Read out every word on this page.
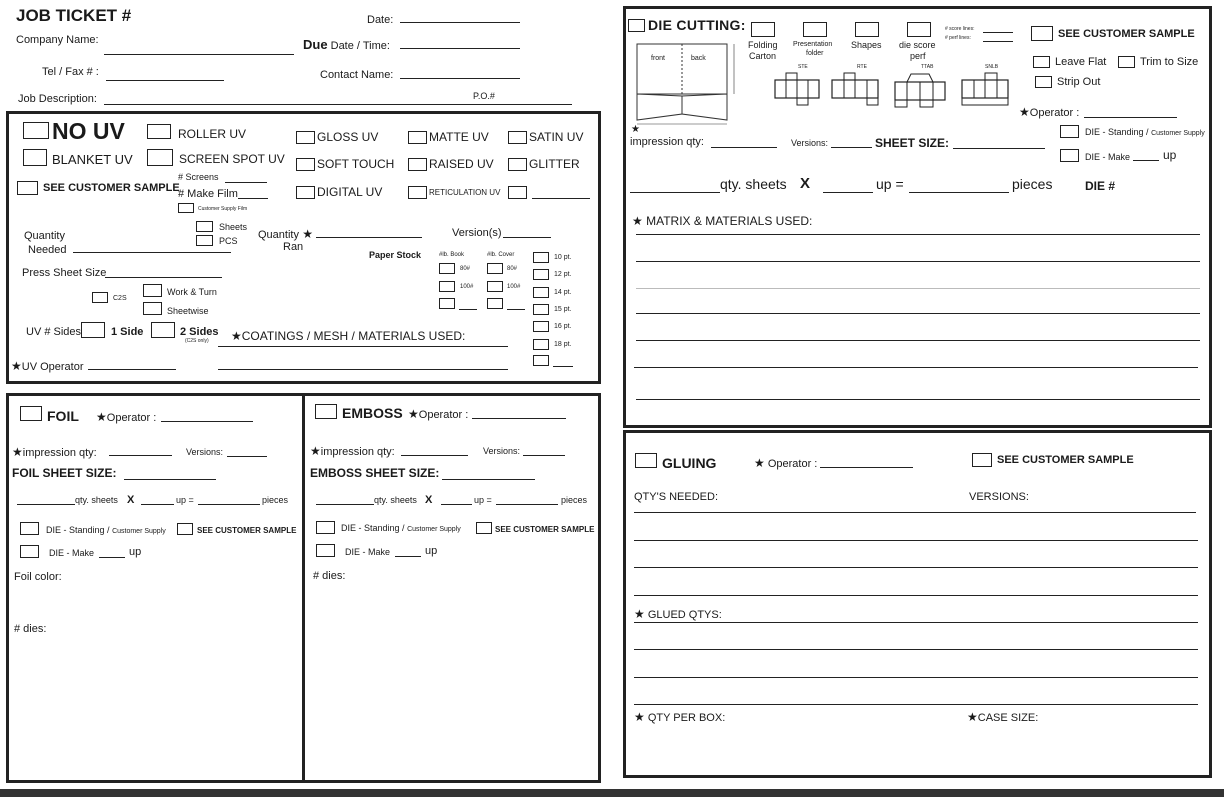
JOB TICKET #	Date:
Company Name:	Due Date / Time:
Tel / Fax # :	Contact Name:
Job Description:	P.O.#
NO UV	ROLLER UV
BLANKET UV	SCREEN SPOT UV
SEE CUSTOMER SAMPLE
# Screens
# Make Film
Customer Supply Film
GLOSS UV	MATTE UV	SATIN UV
SOFT TOUCH	RAISED UV	GLITTER
DIGITAL UV	RETICULATION UV
Quantity
Needed
Sheets
PCS Quantity ★
Ran
Version(s)
Paper Stock	#lb. Book	#lb. Cover
80#	80#
100#	100#
10 pt.
12 pt.
14 pt.
15 pt.
16 pt.
18 pt.
Press Sheet Size
C2S
Work & Turn
Sheetwise
UV # Sides	1 Side	2 Sides
(C2S only) ★COATINGS / MESH / MATERIALS USED:
★UV Operator
FOIL ★Operator :
★impression qty:	Versions:
FOIL SHEET SIZE:
qty. sheets X	up =	pieces
DIE - Standing / Customer Supply	SEE CUSTOMER SAMPLE
DIE - Make	up
Foil color:
# dies:
EMBOSS ★Operator :
★impression qty:	Versions:
EMBOSS SHEET SIZE:
qty. sheets X	up =	pieces
DIE - Standing / Customer Supply	SEE CUSTOMER SAMPLE
DIE - Make	up
# dies:
DIE CUTTING:
Folding
Carton
Presentation
folder
Shapes die score
perf
# score lines:
# perf lines:	SEE CUSTOMER SAMPLE
Leave Flat	Trim to Size
Strip Out
★Operator :
front	back
STE	RTE	TTAB	SNLB
★
impression qty:	Versions:	SHEET SIZE:
DIE - Standing / Customer Supply
DIE - Make	up
qty. sheets X	up =	pieces	DIE #
★ MATRIX & MATERIALS USED:
GLUING	★ Operator :	SEE CUSTOMER SAMPLE
QTY'S NEEDED:	VERSIONS:
★ GLUED QTYS:
★ QTY PER BOX:	★CASE SIZE:
